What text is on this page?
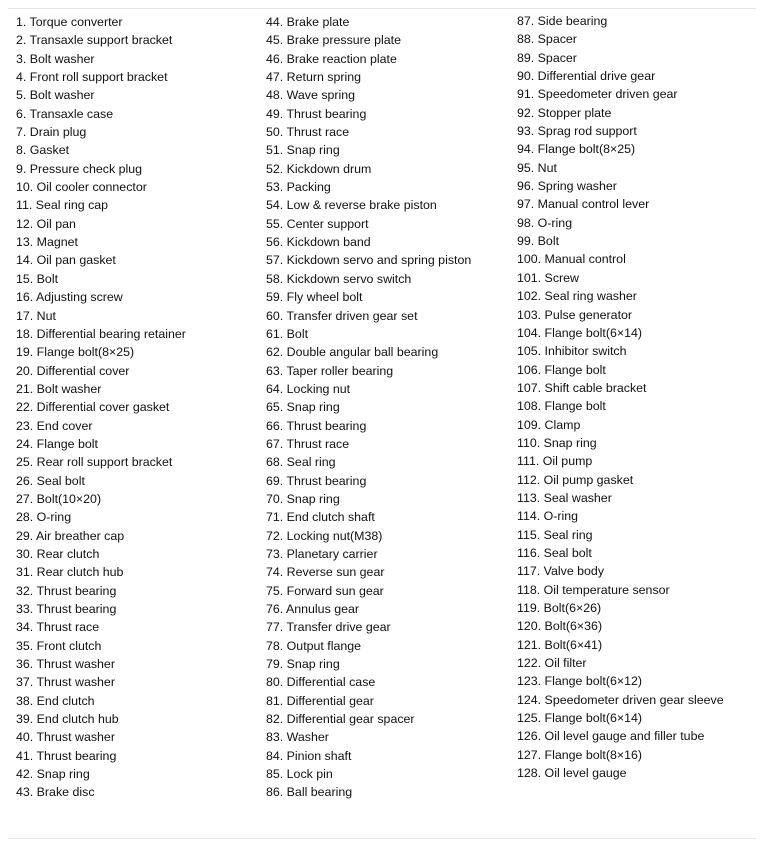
1. Torque converter
2. Transaxle support bracket
3. Bolt washer
4. Front roll support bracket
5. Bolt washer
6. Transaxle case
7. Drain plug
8. Gasket
9. Pressure check plug
10. Oil cooler connector
11. Seal ring cap
12. Oil pan
13. Magnet
14. Oil pan gasket
15. Bolt
16. Adjusting screw
17. Nut
18. Differential bearing retainer
19. Flange bolt(8×25)
20. Differential cover
21. Bolt washer
22. Differential cover gasket
23. End cover
24. Flange bolt
25. Rear roll support bracket
26. Seal bolt
27. Bolt(10×20)
28. O-ring
29. Air breather cap
30. Rear clutch
31. Rear clutch hub
32. Thrust bearing
33. Thrust bearing
34. Thrust race
35. Front clutch
36. Thrust washer
37. Thrust washer
38. End clutch
39. End clutch hub
40. Thrust washer
41. Thrust bearing
42. Snap ring
43. Brake disc
44. Brake plate
45. Brake pressure plate
46. Brake reaction plate
47. Return spring
48. Wave spring
49. Thrust bearing
50. Thrust race
51. Snap ring
52. Kickdown drum
53. Packing
54. Low & reverse brake piston
55. Center support
56. Kickdown band
57. Kickdown servo and spring piston
58. Kickdown servo switch
59. Fly wheel bolt
60. Transfer driven gear set
61. Bolt
62. Double angular ball bearing
63. Taper roller bearing
64. Locking nut
65. Snap ring
66. Thrust bearing
67. Thrust race
68. Seal ring
69. Thrust bearing
70. Snap ring
71. End clutch shaft
72. Locking nut(M38)
73. Planetary carrier
74. Reverse sun gear
75. Forward sun gear
76. Annulus gear
77. Transfer drive gear
78. Output flange
79. Snap ring
80. Differential case
81. Differential gear
82. Differential gear spacer
83. Washer
84. Pinion shaft
85. Lock pin
86. Ball bearing
87. Side bearing
88. Spacer
89. Spacer
90. Differential drive gear
91. Speedometer driven gear
92. Stopper plate
93. Sprag rod support
94. Flange bolt(8×25)
95. Nut
96. Spring washer
97. Manual control lever
98. O-ring
99. Bolt
100. Manual control
101. Screw
102. Seal ring washer
103. Pulse generator
104. Flange bolt(6×14)
105. Inhibitor switch
106. Flange bolt
107. Shift cable bracket
108. Flange bolt
109. Clamp
110. Snap ring
111. Oil pump
112. Oil pump gasket
113. Seal washer
114. O-ring
115. Seal ring
116. Seal bolt
117. Valve body
118. Oil temperature sensor
119. Bolt(6×26)
120. Bolt(6×36)
121. Bolt(6×41)
122. Oil filter
123. Flange bolt(6×12)
124. Speedometer driven gear sleeve
125. Flange bolt(6×14)
126. Oil level gauge and filler tube
127. Flange bolt(8×16)
128. Oil level gauge
